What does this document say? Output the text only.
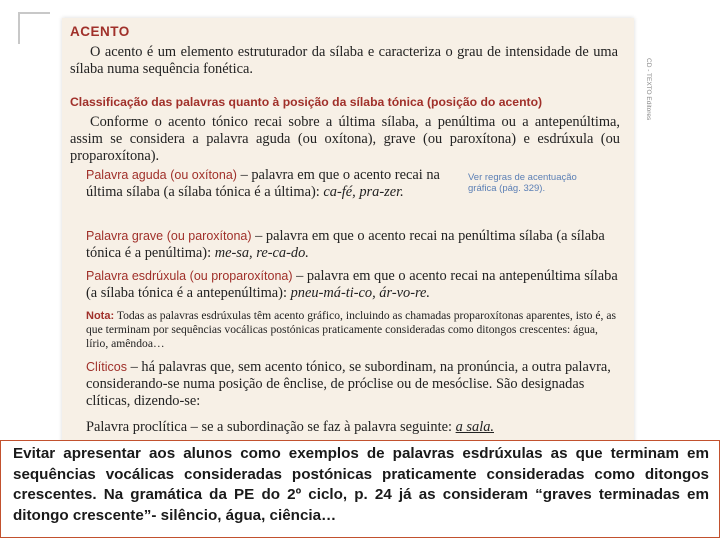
ACENTO
O acento é um elemento estruturador da sílaba e caracteriza o grau de intensidade de uma sílaba numa sequência fonética.
Classificação das palavras quanto à posição da sílaba tónica (posição do acento)
Conforme o acento tónico recai sobre a última sílaba, a penúltima ou a antepenúltima, assim se considera a palavra aguda (ou oxítona), grave (ou paroxítona) e esdrúxula (ou proparoxítona).
Palavra aguda (ou oxítona) – palavra em que o acento recai na última sílaba (a sílaba tónica é a última): ca-fé, pra-zer.
Ver regras de acentuação gráfica (pág. 329).
Palavra grave (ou paroxítona) – palavra em que o acento recai na penúltima sílaba (a sílaba tónica é a penúltima): me-sa, re-ca-do.
Palavra esdrúxula (ou proparoxítona) – palavra em que o acento recai na antepenúltima sílaba (a sílaba tónica é a antepenúltima): pneu-má-ti-co, ár-vo-re.
Nota: Todas as palavras esdrúxulas têm acento gráfico, incluindo as chamadas proparoxítonas aparentes, isto é, as que terminam por sequências vocálicas postónicas praticamente consideradas como ditongos crescentes: água, lírio, amêndoa…
Clíticos – há palavras que, sem acento tónico, se subordinam, na pronúncia, a outra palavra, considerando-se numa posição de ênclise, de próclise ou de mesóclise. São designadas clíticas, dizendo-se:
Palavra proclítica – se a subordinação se faz à palavra seguinte: a sala.
CD - TEXTO Editores
Evitar apresentar aos alunos como exemplos de palavras esdrúxulas as que terminam em sequências vocálicas consideradas postónicas praticamente consideradas como ditongos crescentes. Na gramática da PE do 2º ciclo, p. 24 já as consideram “graves terminadas em ditongo crescente”- silêncio, água, ciência…
